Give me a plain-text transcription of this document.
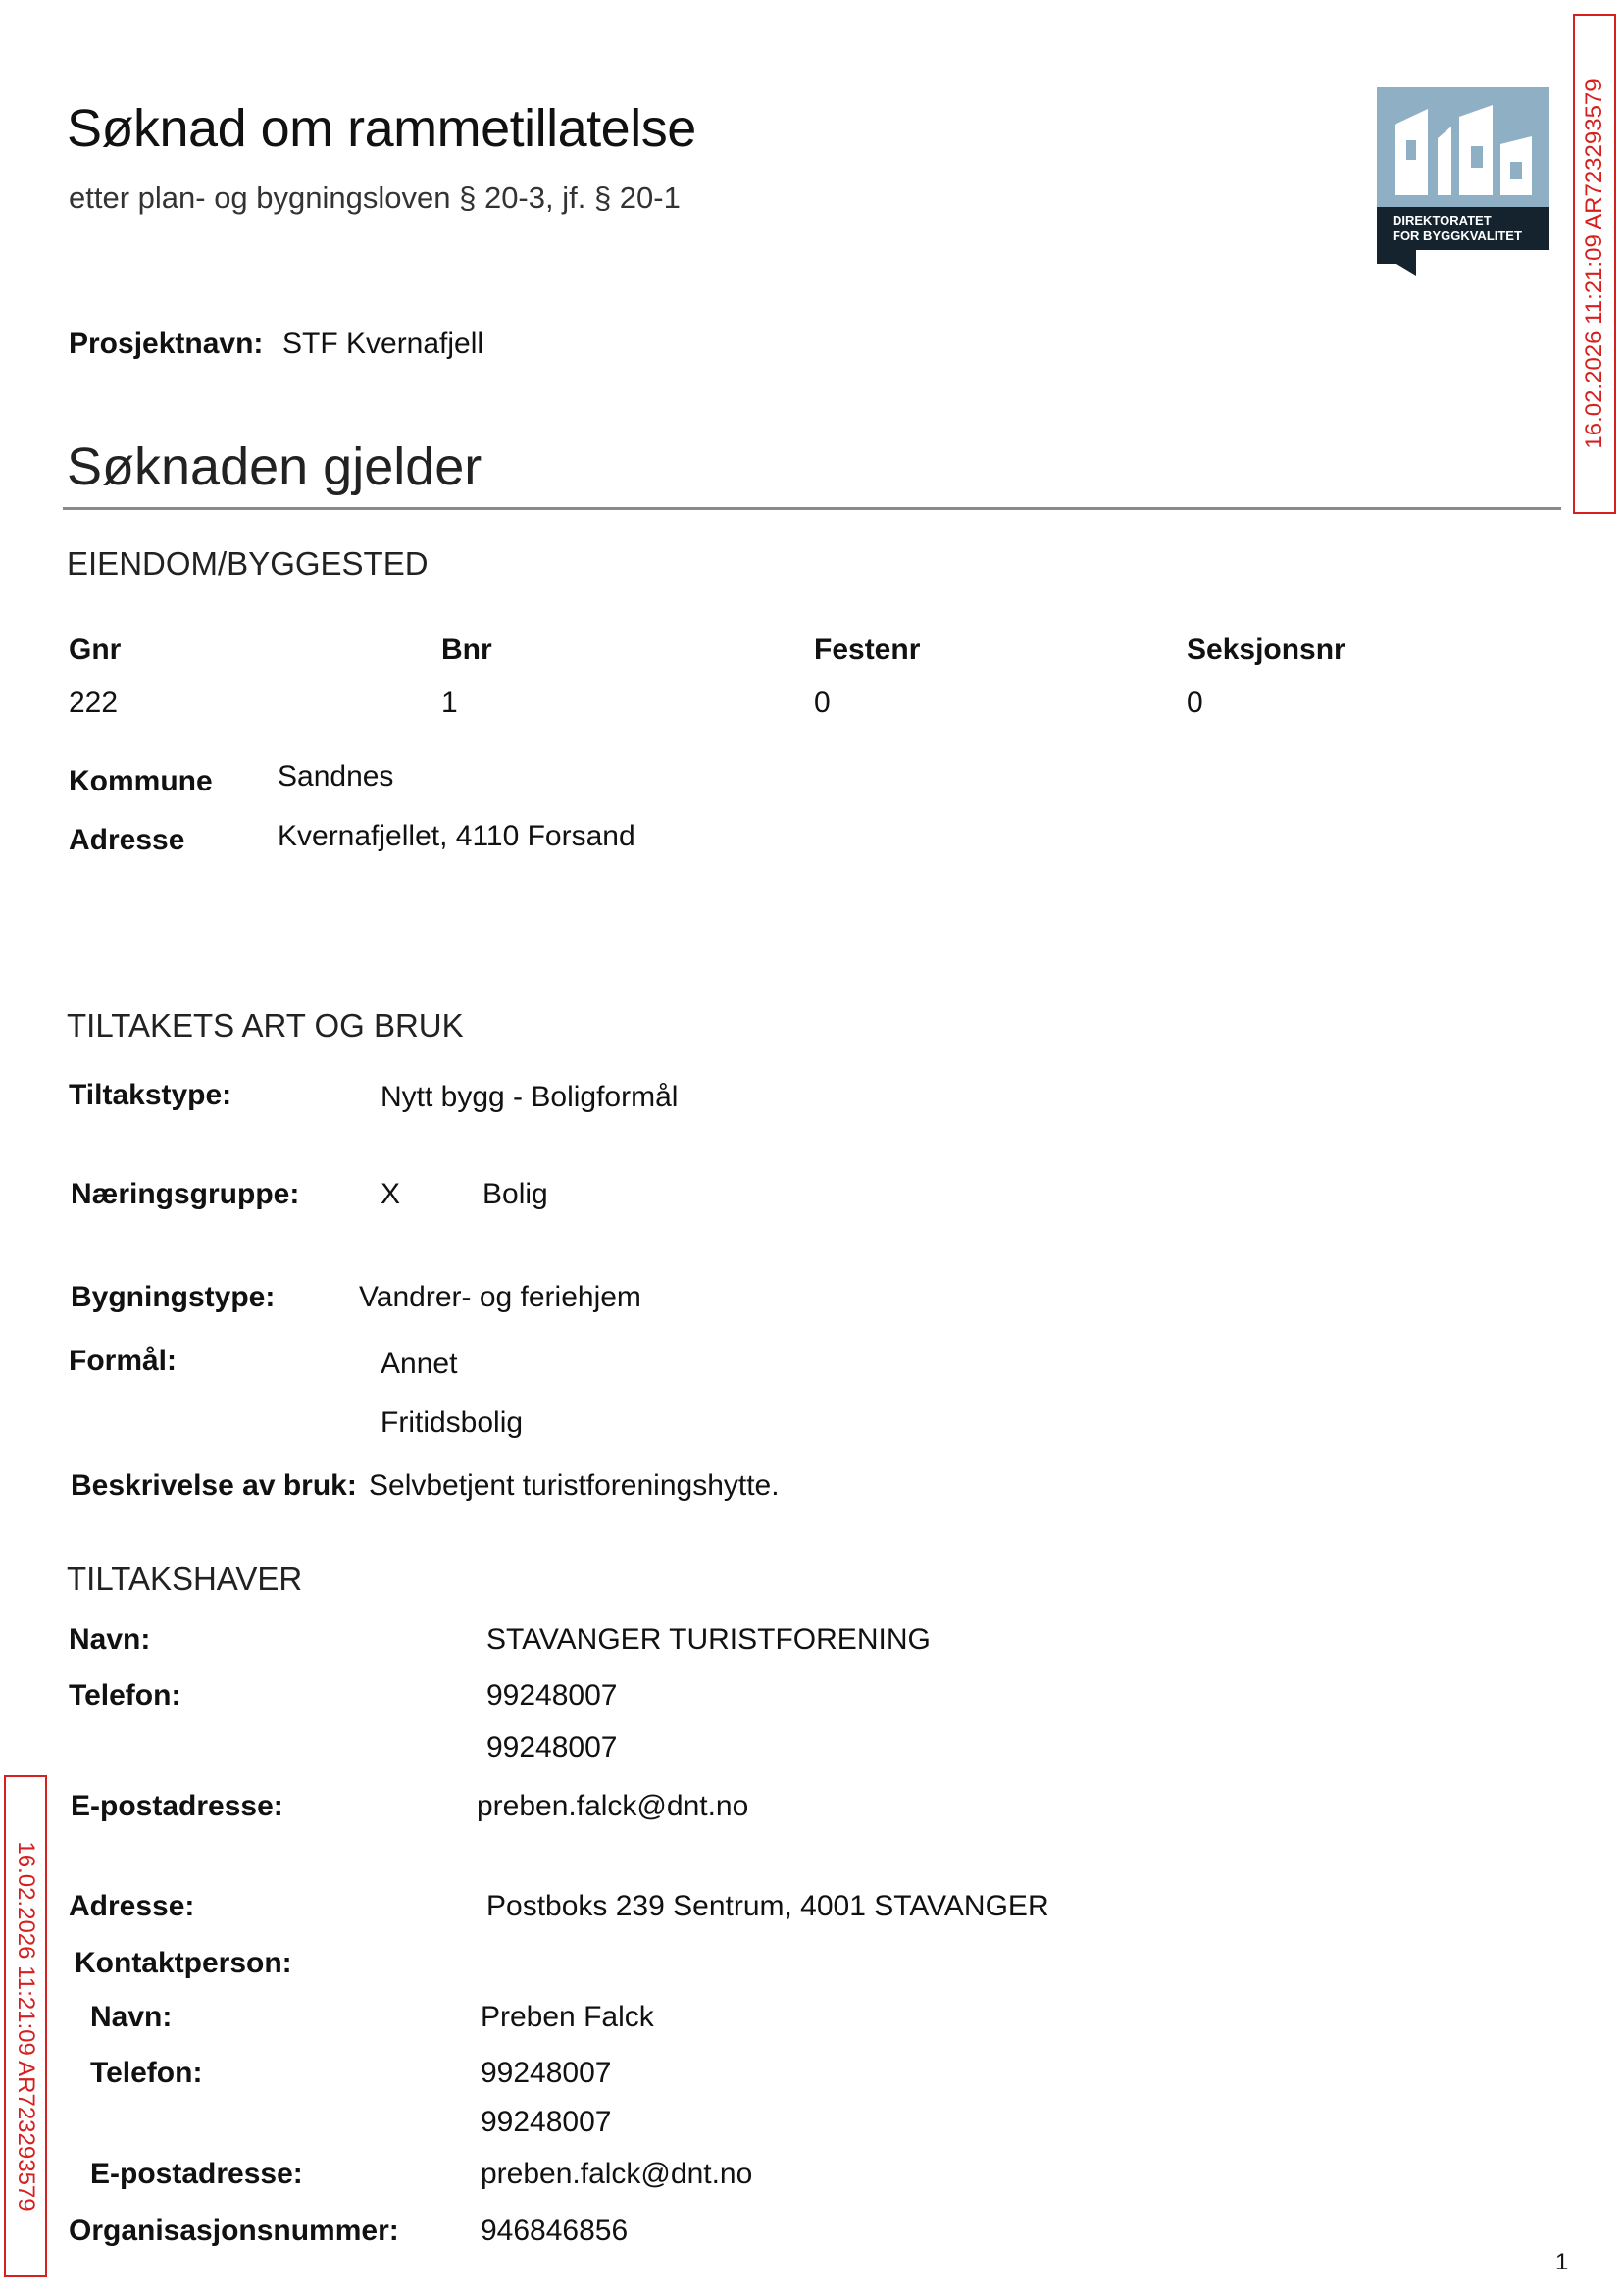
Søknad om rammetillatelse
etter plan- og bygningsloven § 20-3, jf. § 20-1
Prosjektnavn: STF Kvernafjell
DIREKTORATET
FOR BYGGKVALITET	16.02.2026 11:21:09 AR723293579
16.02.2026 11:21:09 AR723293579
Søknaden gjelder
EIENDOM/BYGGESTED
Gnr	Bnr	Festenr	Seksjonsnr
222	1	0	0
Kommune Sandnes
Adresse	Kvernafjellet, 4110 Forsand
TILTAKETS ART OG BRUK
Tiltakstype:	Nytt bygg - Boligformål
Næringsgruppe:	X	Bolig
Bygningstype:	Vandrer- og feriehjem
Formål:	Annet
Fritidsbolig
Beskrivelse av bruk: Selvbetjent turistforeningshytte.
TILTAKSHAVER
Navn:	STAVANGER TURISTFORENING
Telefon:	99248007
99248007
E-postadresse:	preben.falck@dnt.no
Adresse:	Postboks 239 Sentrum, 4001 STAVANGER
Kontaktperson:
Navn:	Preben Falck
Telefon:	99248007
99248007
E-postadresse:	preben.falck@dnt.no
Organisasjonsnummer:	946846856
1
